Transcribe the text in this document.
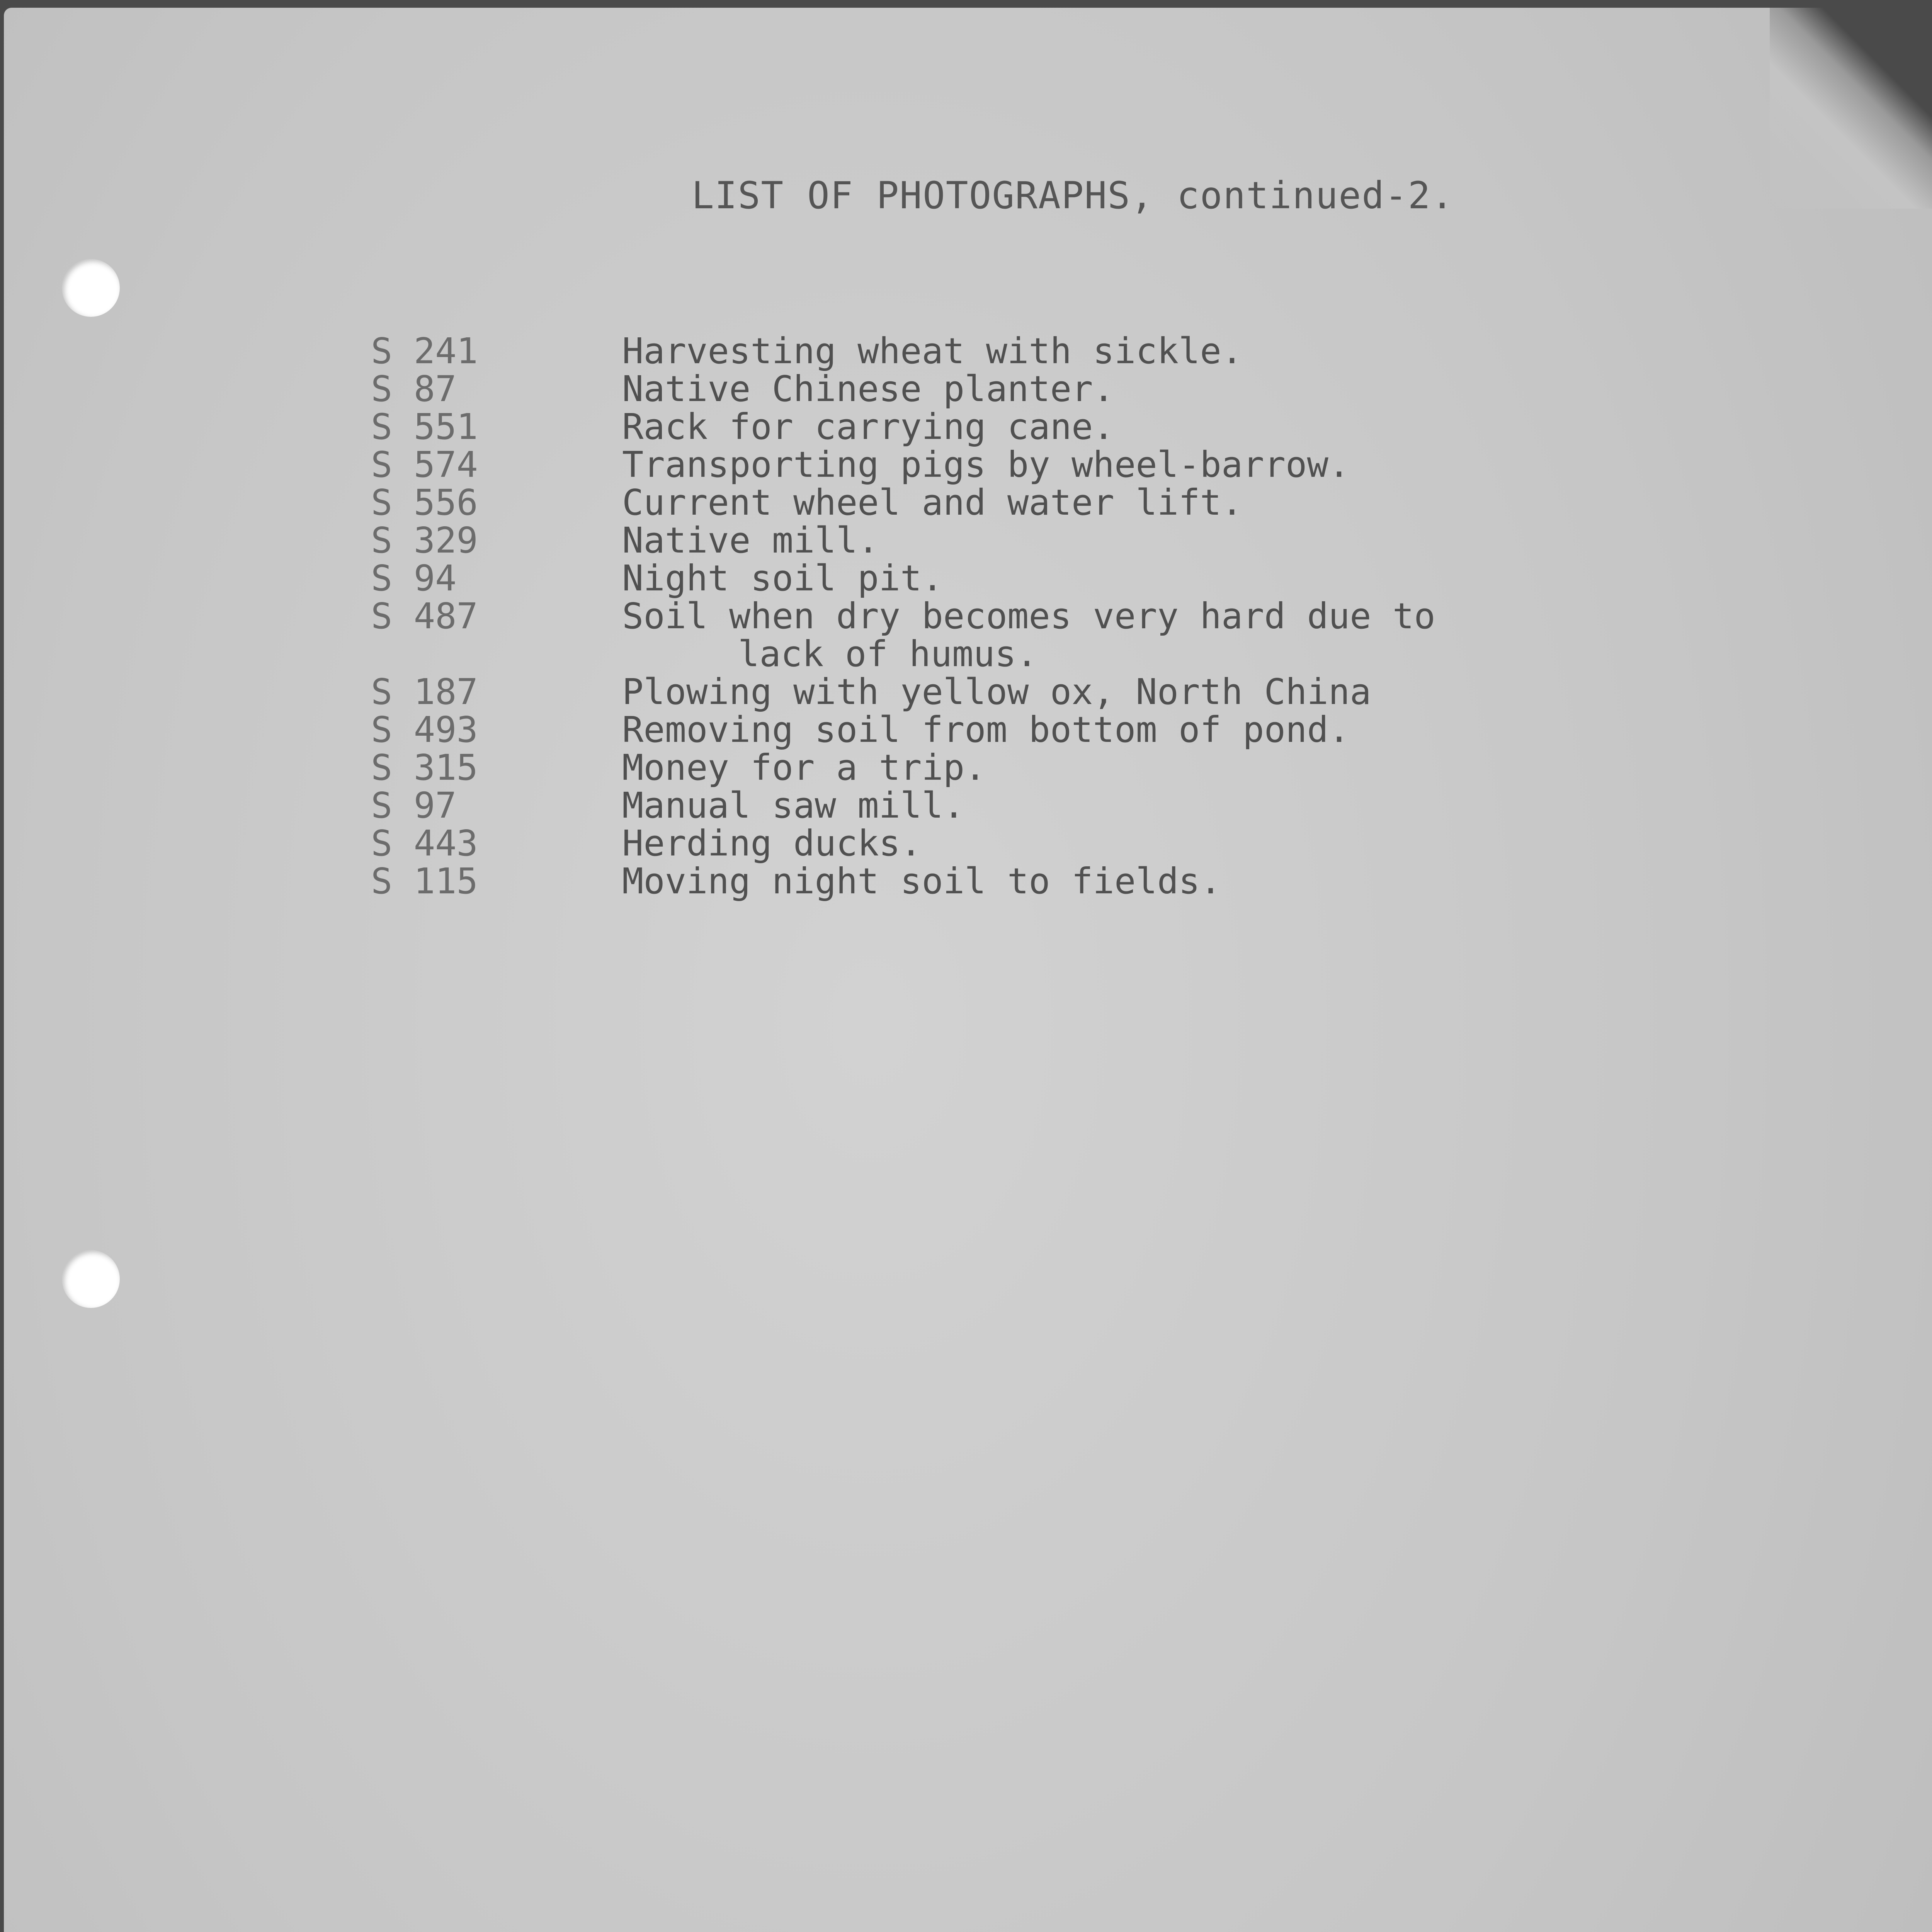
LIST OF PHOTOGRAPHS, continued-2.
S 241	Harvesting wheat with sickle.
S 87	Native Chinese planter.
S 551	Rack for carrying cane.
S 574	Transporting pigs by wheel-barrow.
S 556	Current wheel and water lift.
S 329	Native mill.
S 94	Night soil pit.
S 487	Soil when dry becomes very hard due to
lack of humus.
S 187	Plowing with yellow ox, North China
S 493	Removing soil from bottom of pond.
S 315	Money for a trip.
S 97	Manual saw mill.
S 443	Herding ducks.
S 115	Moving night soil to fields.
